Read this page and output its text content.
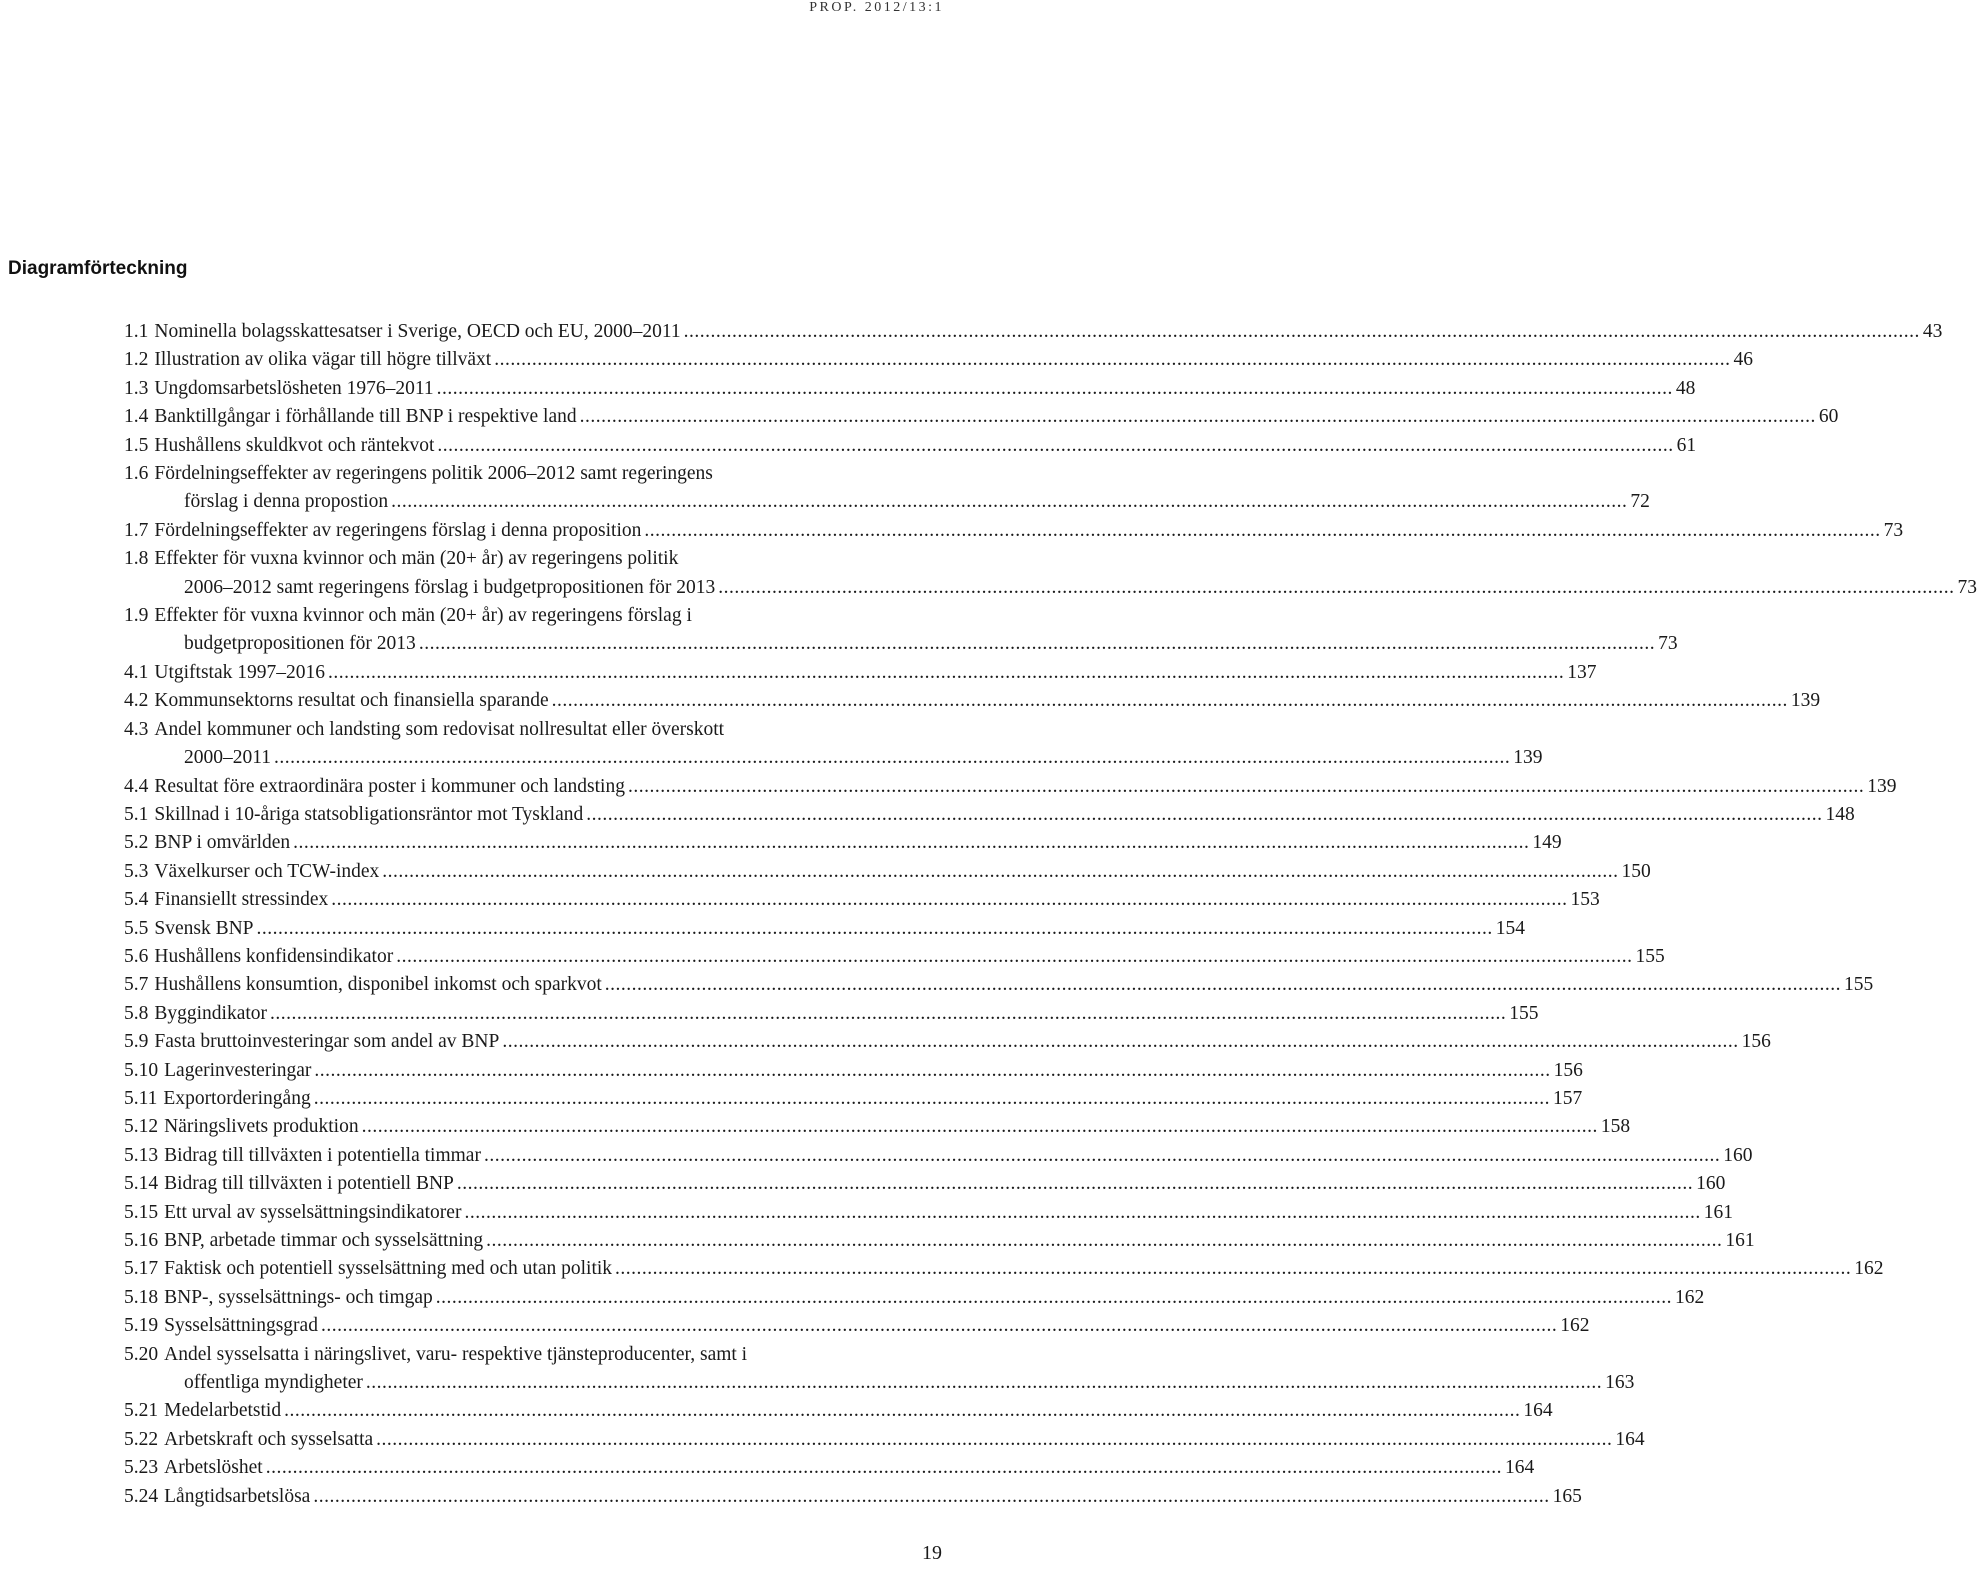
PROP. 2012/13:1
Diagramförteckning
1.1 Nominella bolagsskattesatser i Sverige, OECD och EU, 2000–2011 .....	43
1.2 Illustration av olika vägar till högre tillväxt .....	46
1.3 Ungdomsarbetslösheten 1976–2011 .....	48
1.4 Banktillgångar i förhållande till BNP i respektive land .....	60
1.5 Hushållens skuldkvot och räntekvot .....	61
1.6 Fördelningseffekter av regeringens politik 2006–2012 samt regeringens
förslag i denna propostion .....	72
1.7 Fördelningseffekter av regeringens förslag i denna proposition .....	73
1.8 Effekter för vuxna kvinnor och män (20+ år) av regeringens politik
2006–2012 samt regeringens förslag i budgetpropositionen för 2013 .....	73
1.9 Effekter för vuxna kvinnor och män (20+ år) av regeringens förslag i
budgetpropositionen för 2013 .....	73
4.1 Utgiftstak 1997–2016 .....	137
4.2 Kommunsektorns resultat och finansiella sparande .....	139
4.3 Andel kommuner och landsting som redovisat nollresultat eller överskott
2000–2011 .....	139
4.4 Resultat före extraordinära poster i kommuner och landsting .....	139
5.1 Skillnad i 10-åriga statsobligationsräntor mot Tyskland .....	148
5.2 BNP i omvärlden .....	149
5.3 Växelkurser och TCW-index .....	150
5.4 Finansiellt stressindex .....	153
5.5 Svensk BNP .....	154
5.6 Hushållens konfidensindikator .....	155
5.7 Hushållens konsumtion, disponibel inkomst och sparkvot .....	155
5.8 Byggindikator .....	155
5.9 Fasta bruttoinvesteringar som andel av BNP .....	156
5.10 Lagerinvesteringar .....	156
5.11 Exportorderingång .....	157
5.12 Näringslivets produktion .....	158
5.13 Bidrag till tillväxten i potentiella timmar .....	160
5.14 Bidrag till tillväxten i potentiell BNP .....	160
5.15 Ett urval av sysselsättningsindikatorer .....	161
5.16 BNP, arbetade timmar och sysselsättning .....	161
5.17 Faktisk och potentiell sysselsättning med och utan politik .....	162
5.18 BNP-, sysselsättnings- och timgap .....	162
5.19 Sysselsättningsgrad .....	162
5.20 Andel sysselsatta i näringslivet, varu- respektive tjänsteproducenter, samt i
offentliga myndigheter .....	163
5.21 Medelarbetstid .....	164
5.22 Arbetskraft och sysselsatta .....	164
5.23 Arbetslöshet .....	164
5.24 Långtidsarbetslösa .....	165
19
